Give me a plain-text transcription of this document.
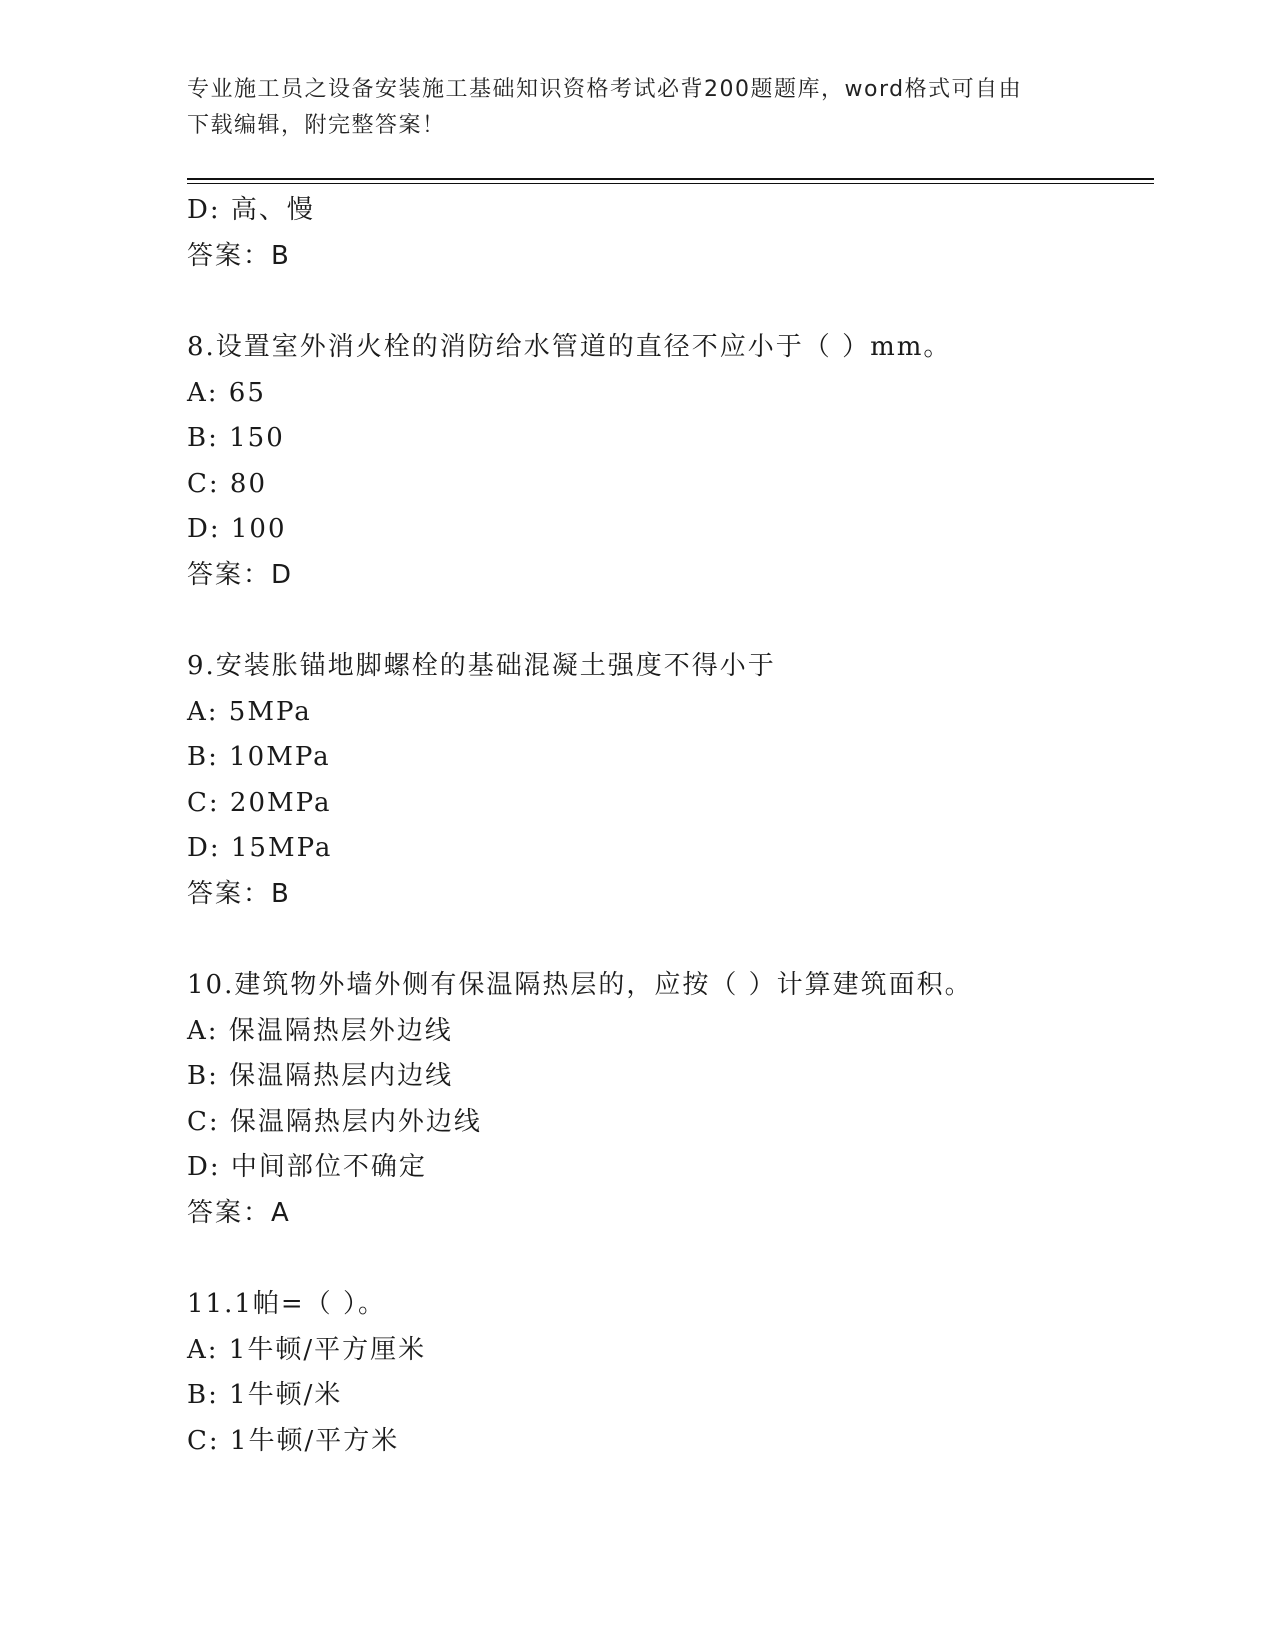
专业施工员之设备安装施工基础知识资格考试必背200题题库，word格式可自由
下载编辑，附完整答案！
D: 高、慢
答案：B
8.设置室外消火栓的消防给水管道的直径不应小于（ ）mm。
A: 65
B: 150
C: 80
D: 100
答案：D
9.安装胀锚地脚螺栓的基础混凝土强度不得小于
A: 5MPa
B: 10MPa
C: 20MPa
D: 15MPa
答案：B
10.建筑物外墙外侧有保温隔热层的，应按（ ）计算建筑面积。
A: 保温隔热层外边线
B: 保温隔热层内边线
C: 保温隔热层内外边线
D: 中间部位不确定
答案：A
11.1帕=（ ）。
A: 1牛顿/平方厘米
B: 1牛顿/米
C: 1牛顿/平方米
